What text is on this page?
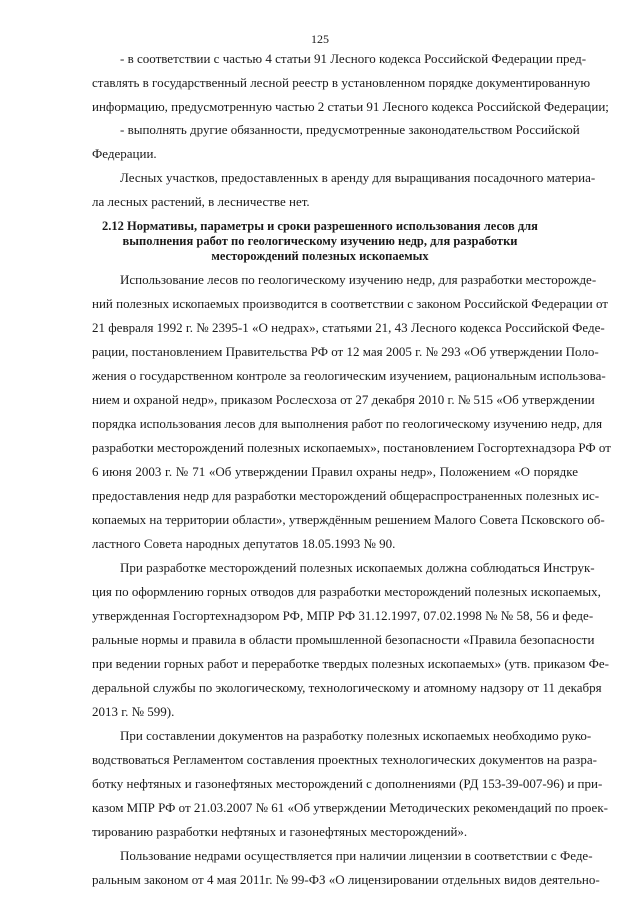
125
- в соответствии с частью 4 статьи 91 Лесного кодекса Российской Федерации пред-
ставлять в государственный лесной реестр в установленном порядке документированную
информацию, предусмотренную частью 2 статьи 91 Лесного кодекса Российской Федерации;
- выполнять другие обязанности, предусмотренные законодательством Российской
Федерации.
Лесных участков, предоставленных в аренду для выращивания посадочного материа-
ла лесных растений, в лесничестве нет.
2.12 Нормативы, параметры и сроки разрешенного использования лесов для
выполнения работ по геологическому изучению недр, для разработки
месторождений полезных ископаемых
Использование лесов по геологическому изучению недр, для разработки месторожде-
ний полезных ископаемых производится в соответствии с законом Российской Федерации от
21 февраля 1992 г. № 2395-1 «О недрах», статьями 21, 43 Лесного кодекса Российской Феде-
рации, постановлением Правительства РФ от 12 мая 2005 г. № 293 «Об утверждении Поло-
жения о государственном контроле за геологическим изучением, рациональным использова-
нием и охраной недр», приказом Рослесхоза от 27 декабря 2010 г. № 515 «Об утверждении
порядка использования лесов для выполнения работ по геологическому изучению недр, для
разработки месторождений полезных ископаемых», постановлением Госгортехнадзора РФ от
6 июня 2003 г. № 71 «Об утверждении Правил охраны недр», Положением «О порядке
предоставления недр для разработки месторождений общераспространенных полезных ис-
копаемых на территории области», утверждённым решением Малого Совета Псковского об-
ластного Совета народных депутатов 18.05.1993 № 90.
При разработке месторождений полезных ископаемых должна соблюдаться Инструк-
ция по оформлению горных отводов для разработки месторождений полезных ископаемых,
утвержденная Госгортехнадзором РФ, МПР РФ 31.12.1997, 07.02.1998 № № 58, 56 и феде-
ральные нормы и правила в области промышленной безопасности «Правила безопасности
при ведении горных работ и переработке твердых полезных ископаемых» (утв. приказом Фе-
деральной службы по экологическому, технологическому и атомному надзору от 11 декабря
2013 г. № 599).
При составлении документов на разработку полезных ископаемых необходимо руко-
водствоваться Регламентом составления проектных технологических документов на разра-
ботку нефтяных и газонефтяных месторождений с дополнениями (РД 153-39-007-96) и при-
казом МПР РФ от 21.03.2007 № 61 «Об утверждении Методических рекомендаций по проек-
тированию разработки нефтяных и газонефтяных месторождений».
Пользование недрами осуществляется при наличии лицензии в соответствии с Феде-
ральным законом от 4 мая 2011г. № 99-ФЗ «О лицензировании отдельных видов деятельно-
